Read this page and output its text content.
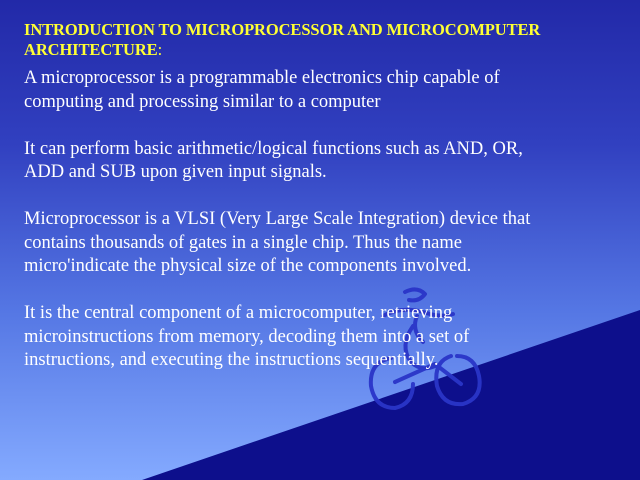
INTRODUCTION TO MICROPROCESSOR AND MICROCOMPUTER ARCHITECTURE:

A microprocessor is a programmable electronics chip capable of
computing and processing similar to a computer

It can perform basic arithmetic/logical functions such as AND, OR,
ADD and SUB upon given input signals.

Microprocessor is a VLSI (Very Large Scale Integration) device that
contains thousands of gates in a single chip. Thus the name
micro'indicate the physical size of the components involved.

It is the central component of a microcomputer, retrieving
microinstructions from memory, decoding them into a set of
instructions, and executing the instructions sequentially.
